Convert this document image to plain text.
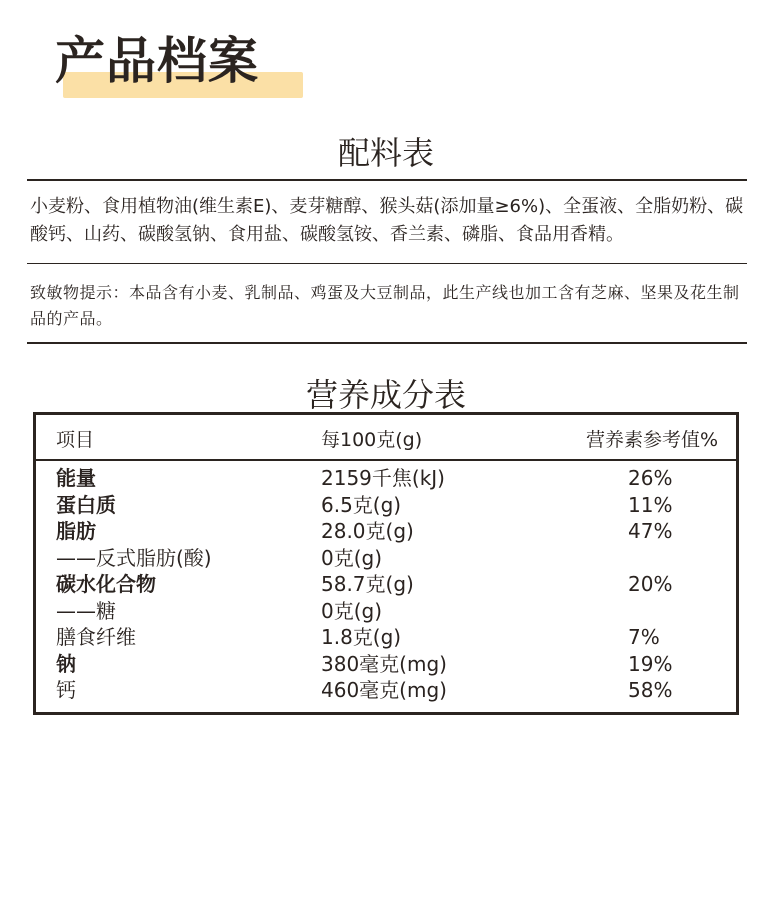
产品档案
配料表
小麦粉、食用植物油(维生素E)、麦芽糖醇、猴头菇(添加量≥6%)、全蛋液、全脂奶粉、碳酸钙、山药、碳酸氢钠、食用盐、碳酸氢铵、香兰素、磷脂、食品用香精。
致敏物提示：本品含有小麦、乳制品、鸡蛋及大豆制品，此生产线也加工含有芝麻、坚果及花生制品的产品。
营养成分表
项目	每100克(g)	营养素参考值%
能量	2159千焦(kJ)	26%
蛋白质	6.5克(g)	11%
脂肪	28.0克(g)	47%
——反式脂肪(酸)	0克(g)
碳水化合物	58.7克(g)	20%
——糖	0克(g)
膳食纤维	1.8克(g)	7%
钠	380毫克(mg)	19%
钙	460毫克(mg)	58%
